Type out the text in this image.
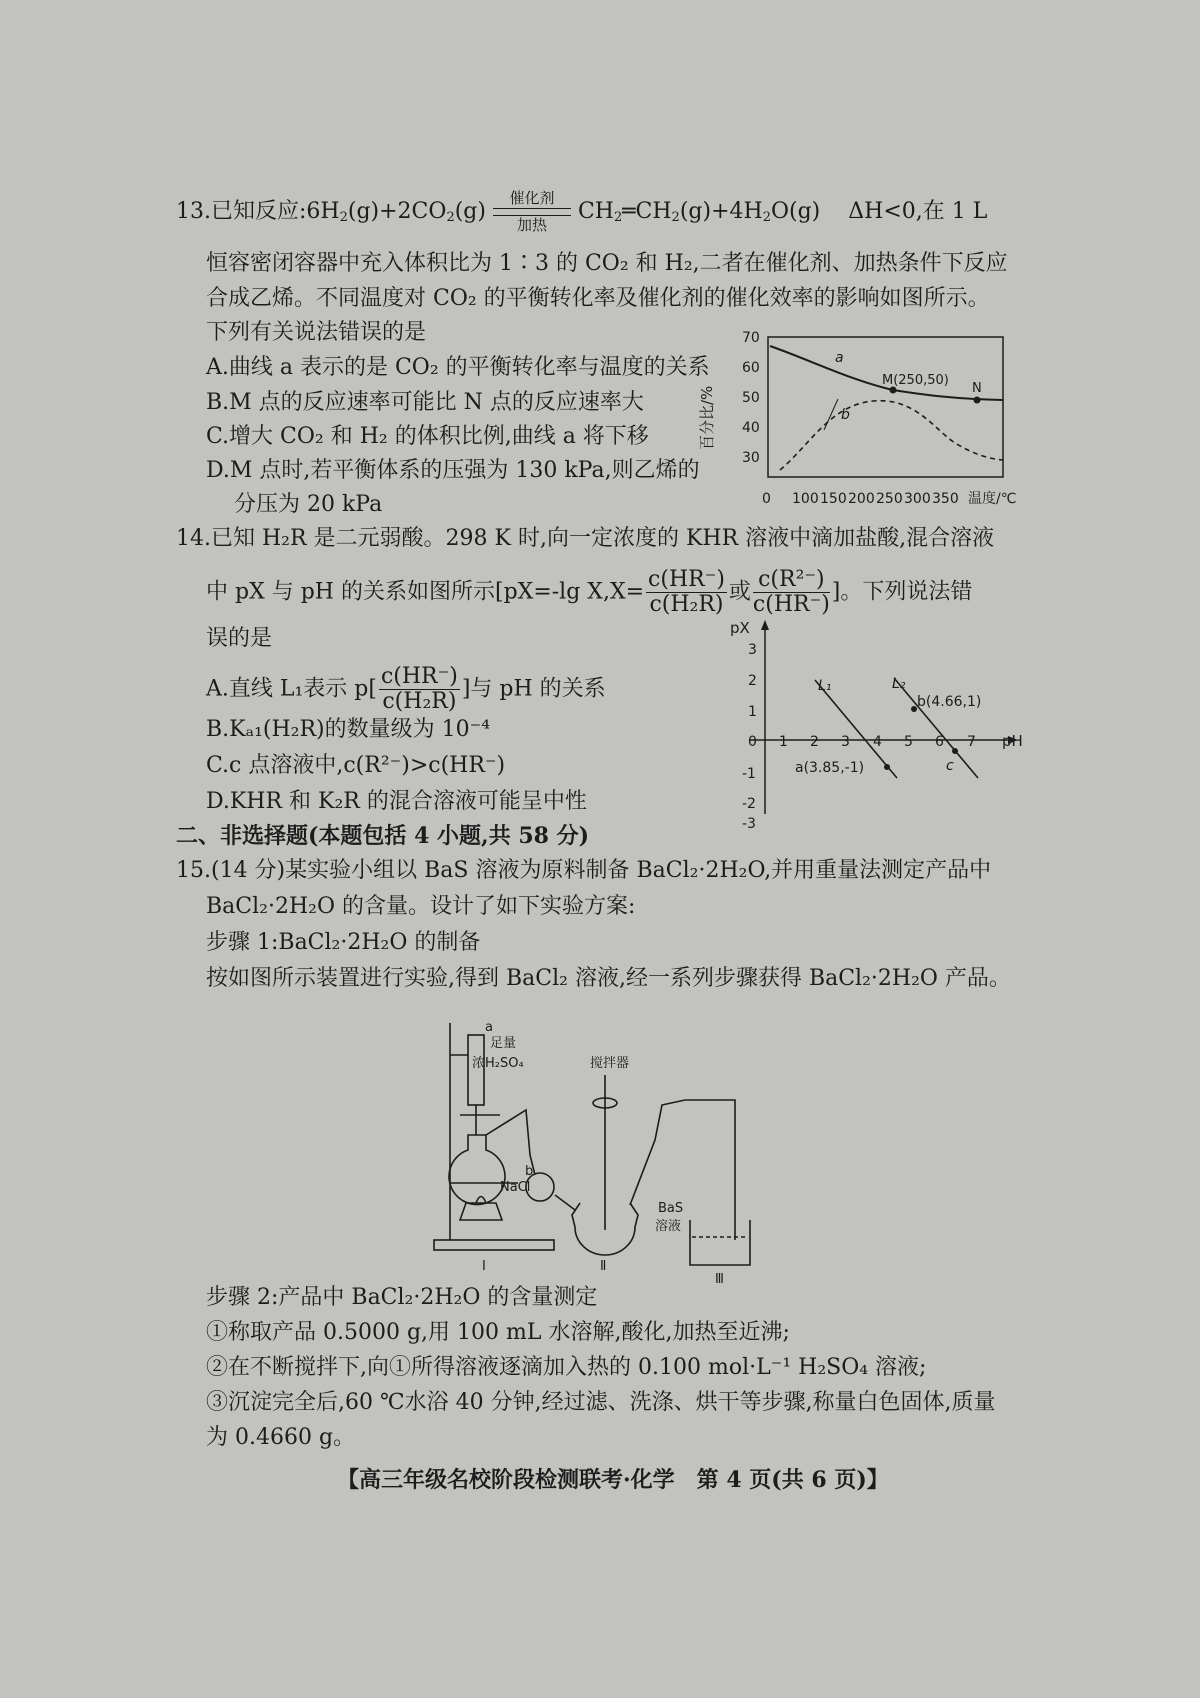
13.已知反应$:6H_2(g)+2CO_2(g)$
催化剂
加热
$CH_2═CH_2(g)+4H_2O(g)$ ΔH<0,在 1 L
恒容密闭容器中充入体积比为 1∶3 的 CO₂ 和 H₂,二者在催化剂、加热条件下反应
合成乙烯。不同温度对 CO₂ 的平衡转化率及催化剂的催化效率的影响如图所示。
下列有关说法错误的是
A.曲线 a 表示的是 CO₂ 的平衡转化率与温度的关系
B.M 点的反应速率可能比 N 点的反应速率大
C.增大 CO₂ 和 H₂ 的体积比例,曲线 a 将下移
D.M 点时,若平衡体系的压强为 130 kPa,则乙烯的
分压为 20 kPa
百分比/%
70
60
50
40
30
0 100 150 200 250 300 350 温度/℃
a
b
M(250,50)
N
14.已知 H₂R 是二元弱酸。298 K 时,向一定浓度的 KHR 溶液中滴加盐酸,混合溶液
中 pX 与 pH 的关系如图所示[pX=-lg $X,X= \frac{c(HR^-)}{\text{c(H₂R)}}$ 或 $\frac{\text{c(R²⁻)}}{c(HR^-)}$ ]。下列说法错
误的是
A.直线 L₁表示 $p[ \frac{c(HR^-)}{\text{c(H₂R)}}$ ]与 pH 的关系
B.Kₐ₁(H₂R)的数量级为 10⁻⁴
C.c 点溶液中,c(R²⁻)>c(HR⁻)
D.KHR 和 K₂R 的混合溶液可能呈中性
pX
pH
3
2
1
0
-1
-2
-3
1 2 3 4 5 6 7
L₁	L₂
a(3.85,-1)
b(4.66,1)
c
二、非选择题(本题包括 4 小题,共 58 分)
15.(14 分)某实验小组以 BaS 溶液为原料制备 BaCl₂·2H₂O,并用重量法测定产品中
BaCl₂·2H₂O 的含量。设计了如下实验方案:
步骤 1:BaCl₂·2H₂O 的制备
按如图所示装置进行实验,得到 BaCl₂ 溶液,经一系列步骤获得 BaCl₂·2H₂O 产品。
a
足量
浓H₂SO₄	搅拌器
b
NaCl
BaS
溶液
Ⅰ	Ⅱ
Ⅲ
步骤 2:产品中 BaCl₂·2H₂O 的含量测定
①称取产品 0.5000 g,用 100 mL 水溶解,酸化,加热至近沸;
②在不断搅拌下,向①所得溶液逐滴加入热的 0.100 mol·L⁻¹ H₂SO₄ 溶液;
③沉淀完全后,60 ℃水浴 40 分钟,经过滤、洗涤、烘干等步骤,称量白色固体,质量
为 0.4660 g。
【高三年级名校阶段检测联考·化学　第 4 页(共 6 页)】
